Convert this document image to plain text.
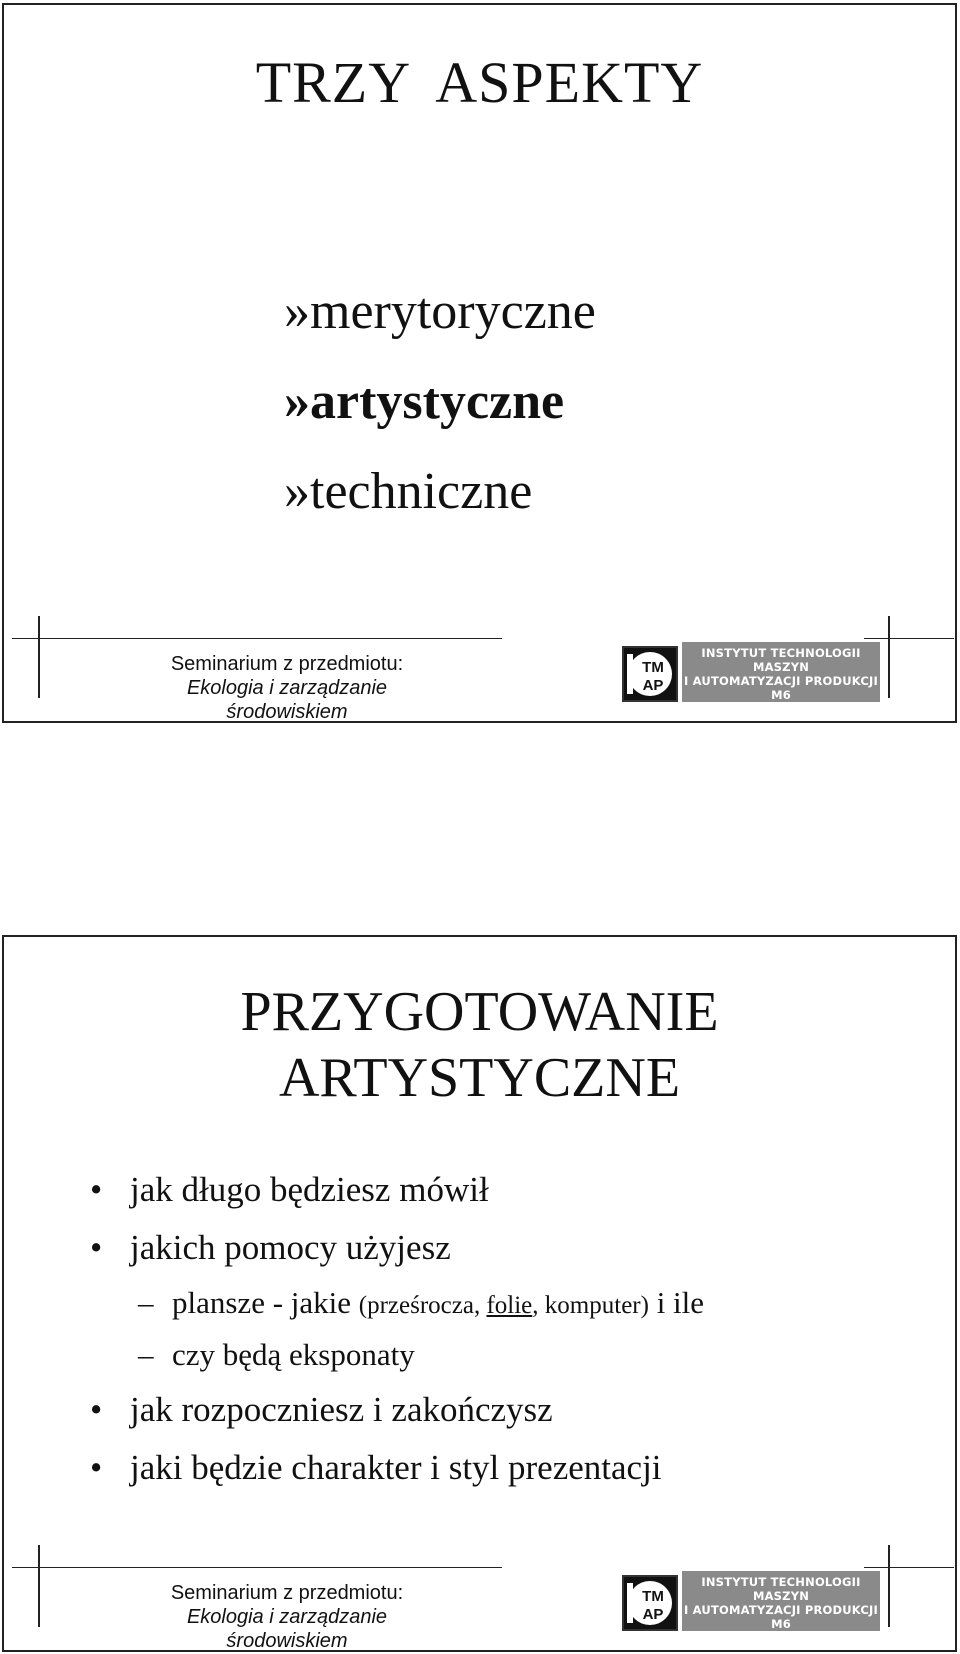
TRZY ASPEKTY
»merytoryczne
»artystyczne
»techniczne
Seminarium z przedmiotu:
Ekologia i zarządzanie środowiskiem
TM
AP
INSTYTUT TECHNOLOGII MASZYN
I AUTOMATYZACJI PRODUKCJI M6
email:m6@mech.pk.edu.pl
PRZYGOTOWANIE
ARTYSTYCZNE
• jak długo będziesz mówił
• jakich pomocy użyjesz
– plansze - jakie (prześrocza, folie, komputer) i ile
– czy będą eksponaty
• jak rozpoczniesz i zakończysz
• jaki będzie charakter i styl prezentacji
Seminarium z przedmiotu:
Ekologia i zarządzanie środowiskiem
TM
AP
INSTYTUT TECHNOLOGII MASZYN
I AUTOMATYZACJI PRODUKCJI M6
email:m6@mech.pk.edu.pl
